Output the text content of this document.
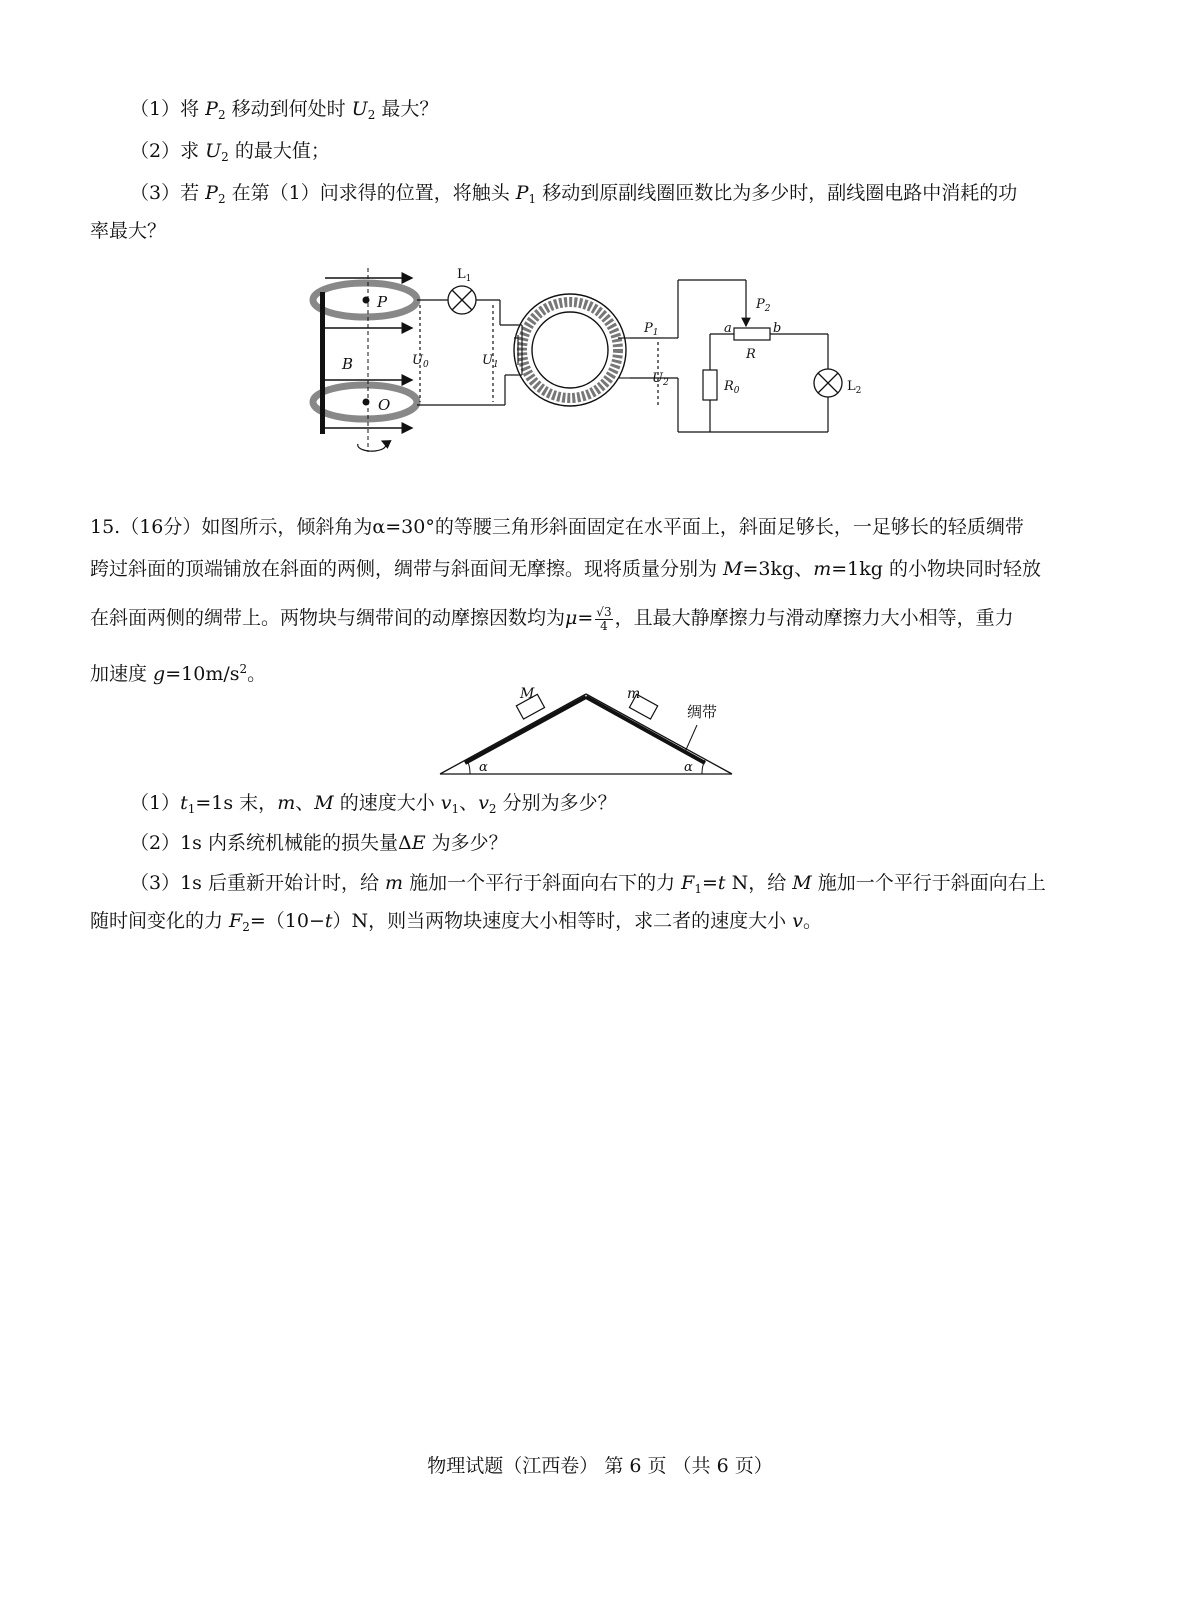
（1）将 $P_2$ 移动到何处时 $U_2$ 最大？
（2）求 $U_2$ 的最大值；
（3）若 $P_2$ 在第（1）问求得的位置，将触头 $P_1$ 移动到原副线圈匝数比为多少时，副线圈电路中消耗的功
率最大？
P
O
B
$L_1$
$L_2$
$U_0$	$U_1$
$U_2$
$P_1$
$P_2$
a	b
R
$R_0$
15.（16分）如图所示，倾斜角为α=30°的等腰三角形斜面固定在水平面上，斜面足够长，一足够长的轻质绸带
跨过斜面的顶端铺放在斜面的两侧，绸带与斜面间无摩擦。现将质量分别为 M=3kg、m=1kg 的小物块同时轻放
在斜面两侧的绸带上。两物块与绸带间的动摩擦因数均为$\mu= \frac{√3}{4}$ ，且最大静摩擦力与滑动摩擦力大小相等，重力
加速度 $g=10m/s^2$。
M	m
绸带
α	α
$(1)t_1=1s$ 末，m、M 的速度大小 $v_1$、$v_2$ 分别为多少？
（2）1s 内系统机械能的损失量ΔE 为多少？
（3）1s 后重新开始计时，给 m 施加一个平行于斜面向右下的力 $F_1=t$ N，给 M 施加一个平行于斜面向右上
随时间变化的力 $F_2=(10-t)N$，则当两物块速度大小相等时，求二者的速度大小 v。
物理试题（江西卷） 第 6 页 （共 6 页）
